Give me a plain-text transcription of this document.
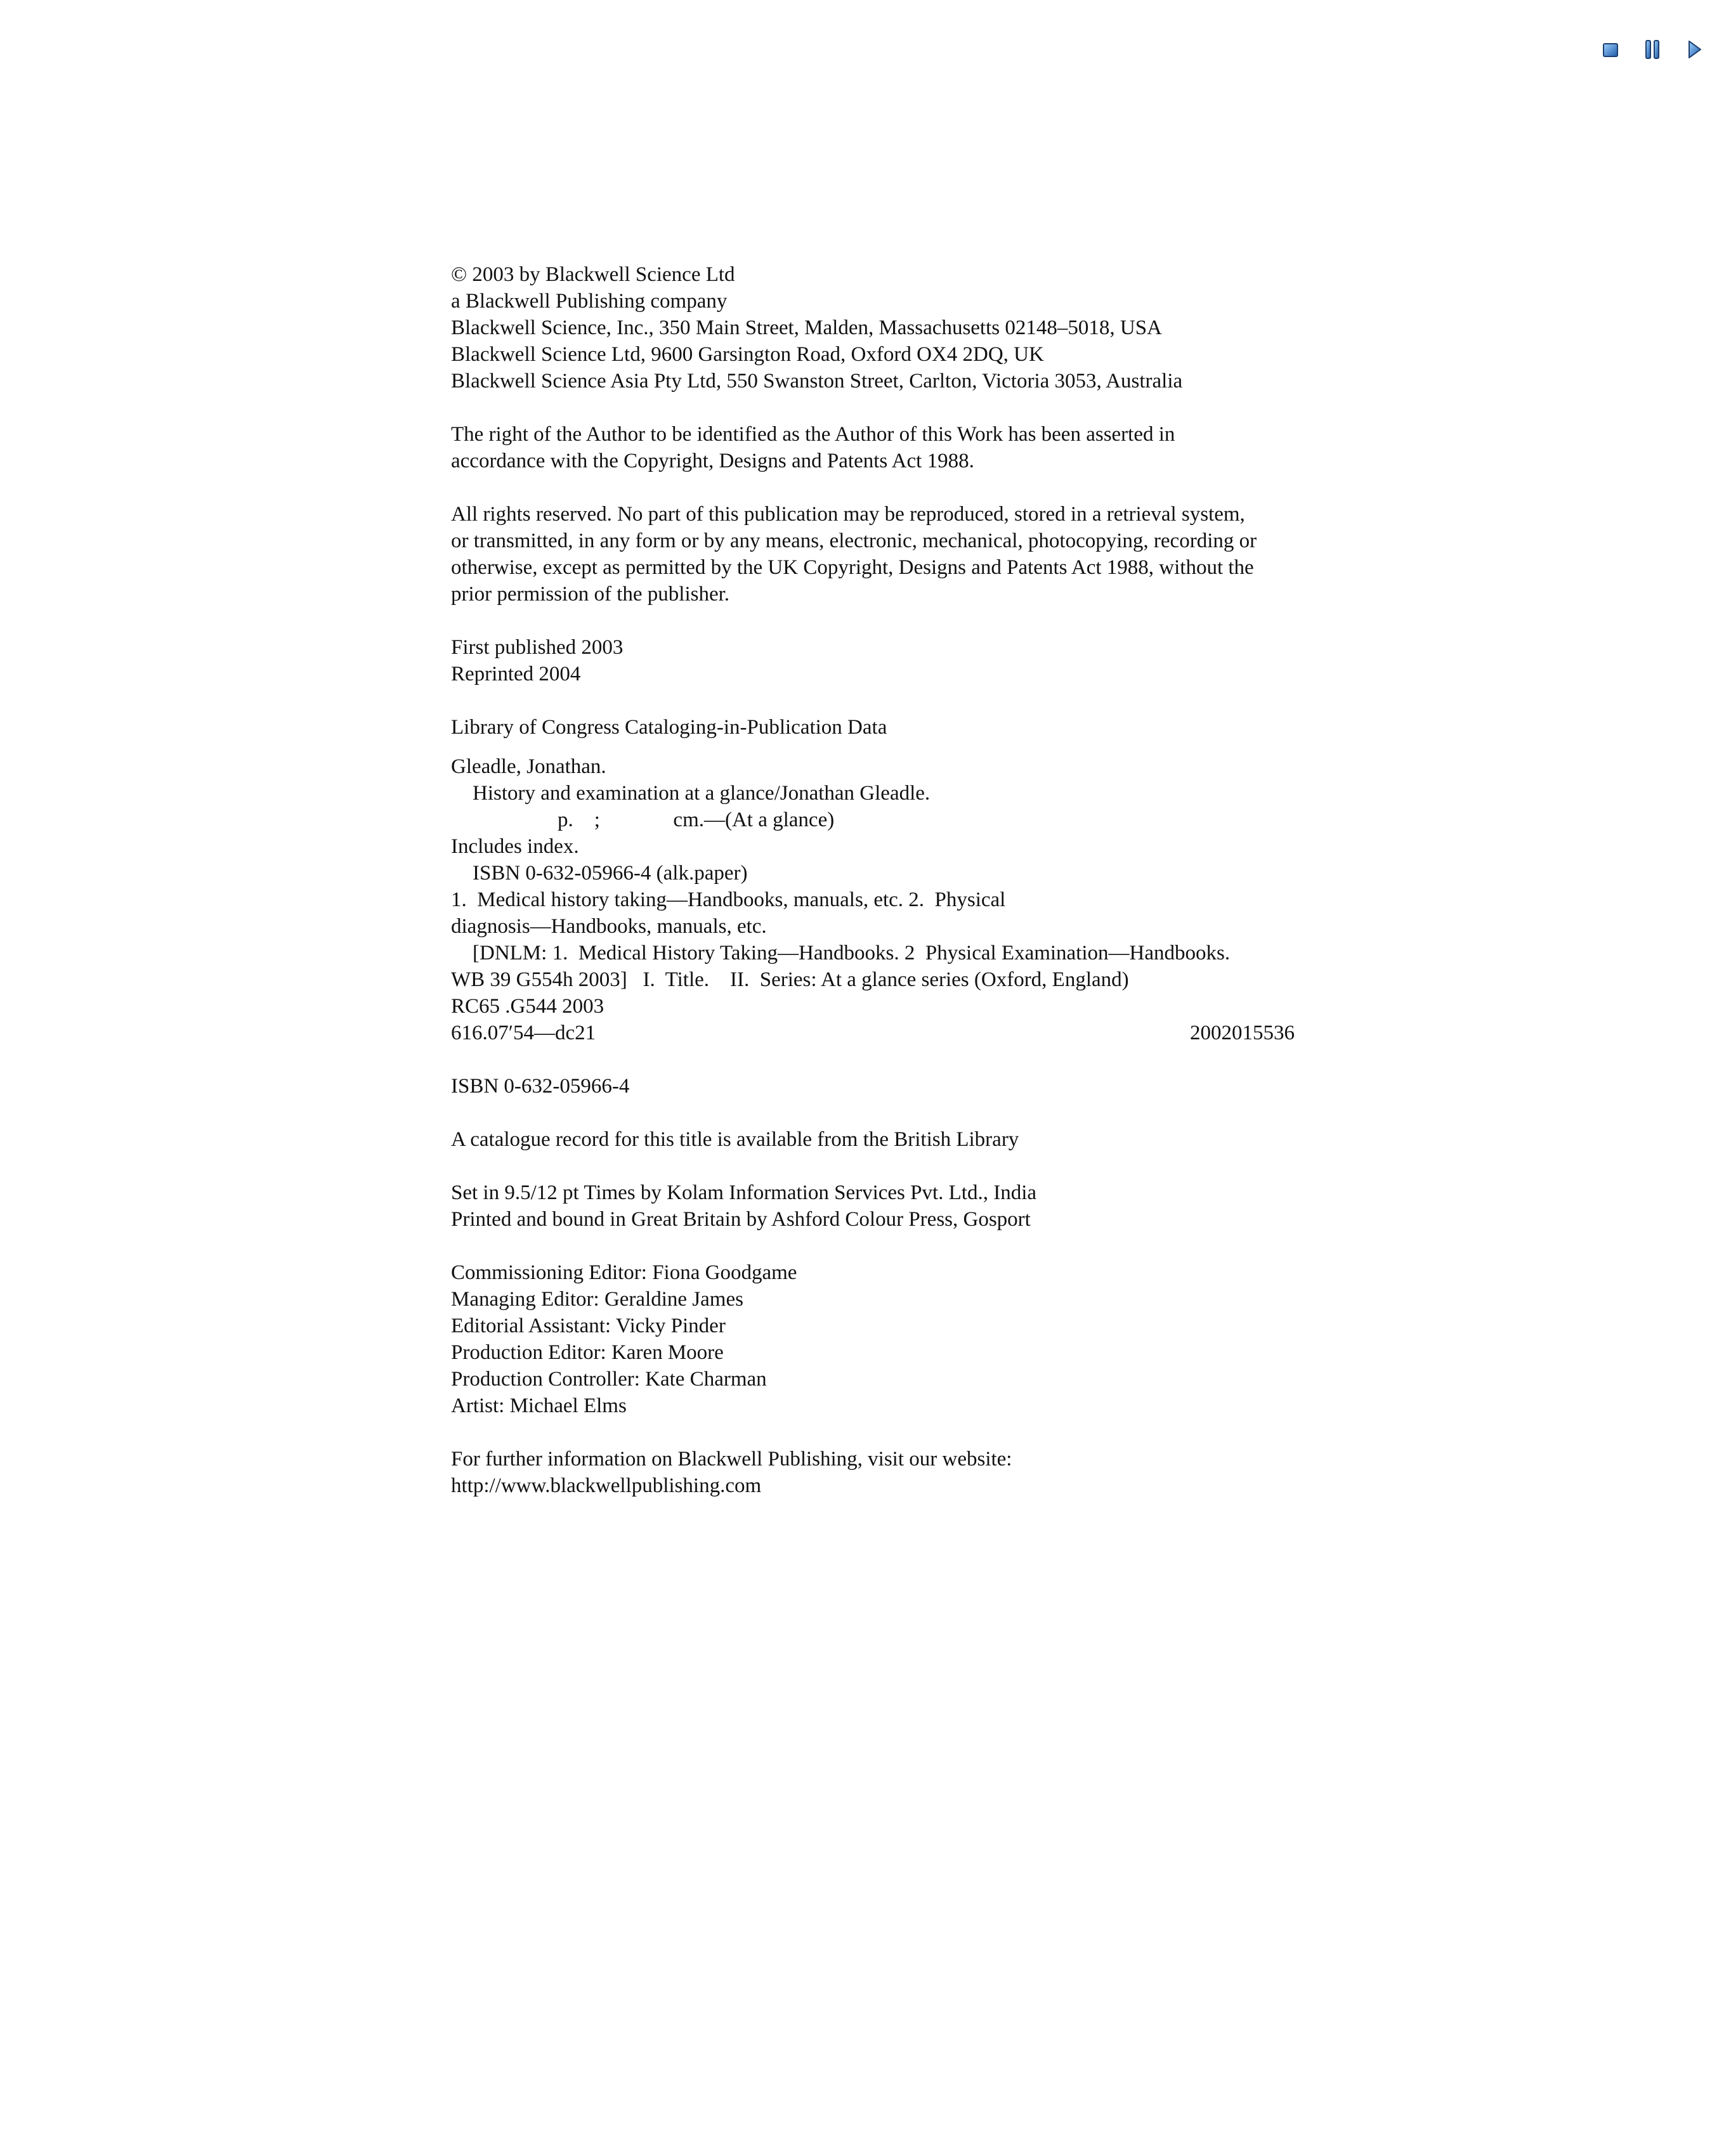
© 2003 by Blackwell Science Ltd
a Blackwell Publishing company
Blackwell Science, Inc., 350 Main Street, Malden, Massachusetts 02148–5018, USA
Blackwell Science Ltd, 9600 Garsington Road, Oxford OX4 2DQ, UK
Blackwell Science Asia Pty Ltd, 550 Swanston Street, Carlton, Victoria 3053, Australia
The right of the Author to be identified as the Author of this Work has been asserted in
accordance with the Copyright, Designs and Patents Act 1988.
All rights reserved. No part of this publication may be reproduced, stored in a retrieval system,
or transmitted, in any form or by any means, electronic, mechanical, photocopying, recording or
otherwise, except as permitted by the UK Copyright, Designs and Patents Act 1988, without the
prior permission of the publisher.
First published 2003
Reprinted 2004
Library of Congress Cataloging-in-Publication Data
Gleadle, Jonathan.
History and examination at a glance/Jonathan Gleadle.
p.    ;              cm.—(At a glance)
Includes index.
ISBN 0-632-05966-4 (alk.paper)
1.  Medical history taking—Handbooks, manuals, etc. 2.  Physical
diagnosis—Handbooks, manuals, etc.
[DNLM: 1.  Medical History Taking—Handbooks. 2  Physical Examination—Handbooks.
WB 39 G554h 2003]   I.  Title.    II.  Series: At a glance series (Oxford, England)
RC65 .G544 2003
616.07′54—dc21	2002015536
ISBN 0-632-05966-4
A catalogue record for this title is available from the British Library
Set in 9.5/12 pt Times by Kolam Information Services Pvt. Ltd., India
Printed and bound in Great Britain by Ashford Colour Press, Gosport
Commissioning Editor: Fiona Goodgame
Managing Editor: Geraldine James
Editorial Assistant: Vicky Pinder
Production Editor: Karen Moore
Production Controller: Kate Charman
Artist: Michael Elms
For further information on Blackwell Publishing, visit our website:
http://www.blackwellpublishing.com
